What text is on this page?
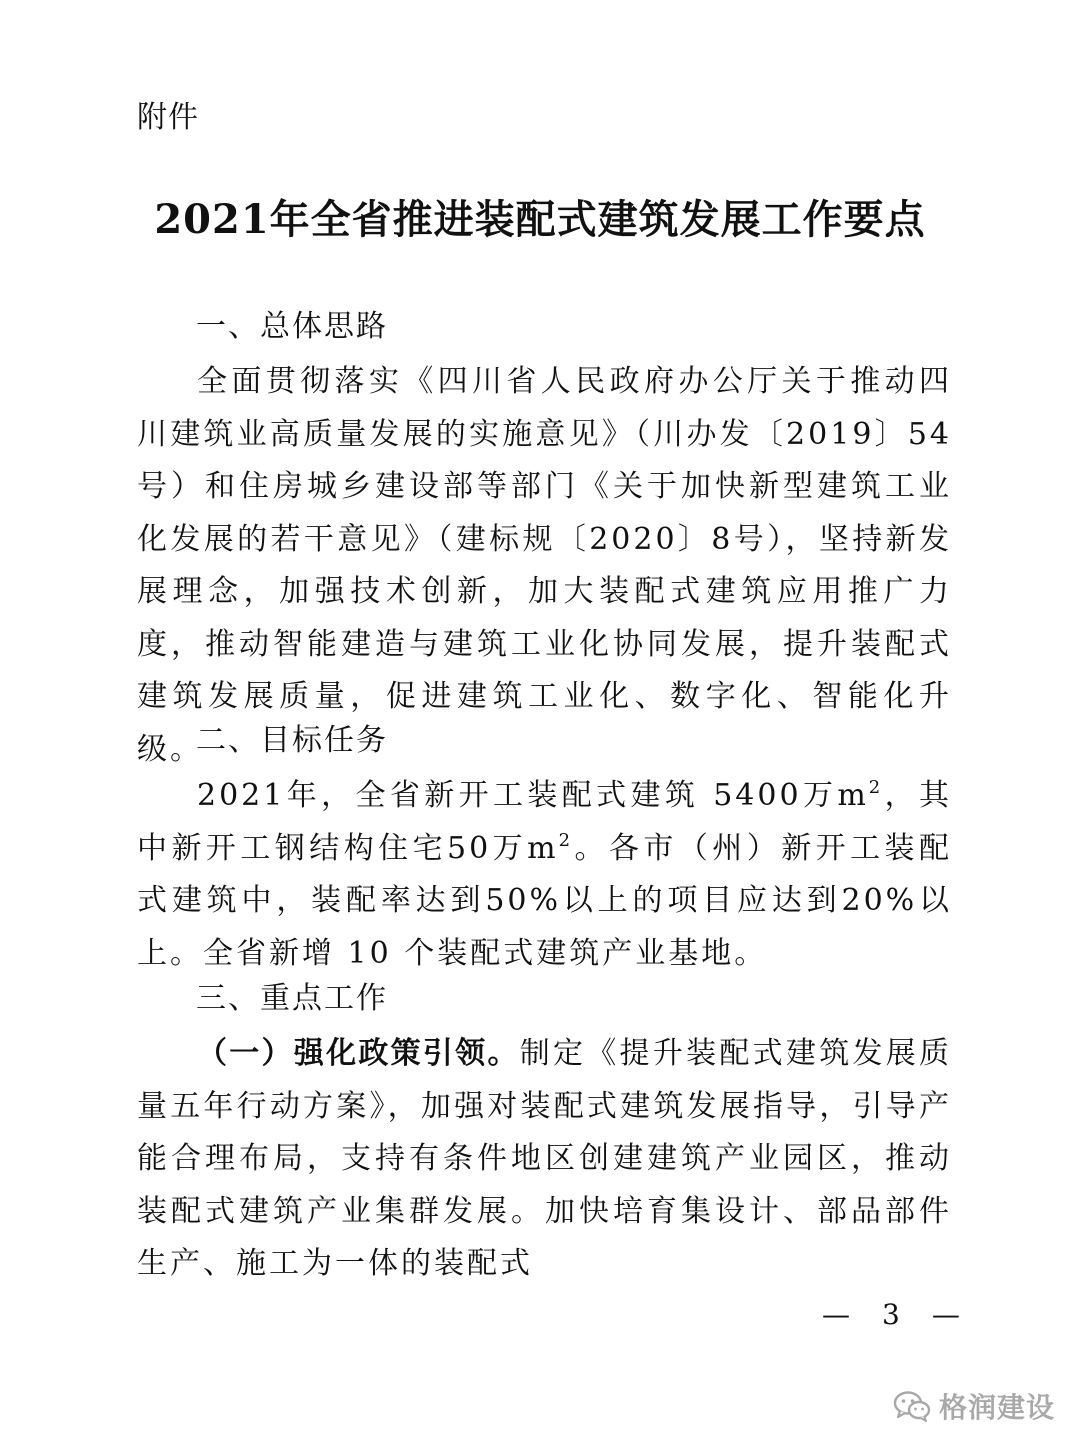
附件
2021年全省推进装配式建筑发展工作要点
一、总体思路

全面贯彻落实《四川省人民政府办公厅关于推动四川建筑业高质量发展的实施意见》（川办发〔2019〕54号）和住房城乡建设部等部门《关于加快新型建筑工业化发展的若干意见》（建标规〔2020〕8号），坚持新发展理念，加强技术创新，加大装配式建筑应用推广力度，推动智能建造与建筑工业化协同发展，提升装配式建筑发展质量，促进建筑工业化、数字化、智能化升级。

二、目标任务

2021年，全省新开工装配式建筑 5400万$m^2$，其中新开工钢结构住宅50万$m^2$。各市（州）新开工装配式建筑中，装配率达到50%以上的项目应达到20%以上。全省新增 10 个装配式建筑产业基地。

三、重点工作

（一）强化政策引领。制定《提升装配式建筑发展质量五年行动方案》，加强对装配式建筑发展指导，引导产能合理布局，支持有条件地区创建建筑产业园区，推动装配式建筑产业集群发展。加快培育集设计、部品部件生产、施工为一体的装配式

—　3　—
格润建设
